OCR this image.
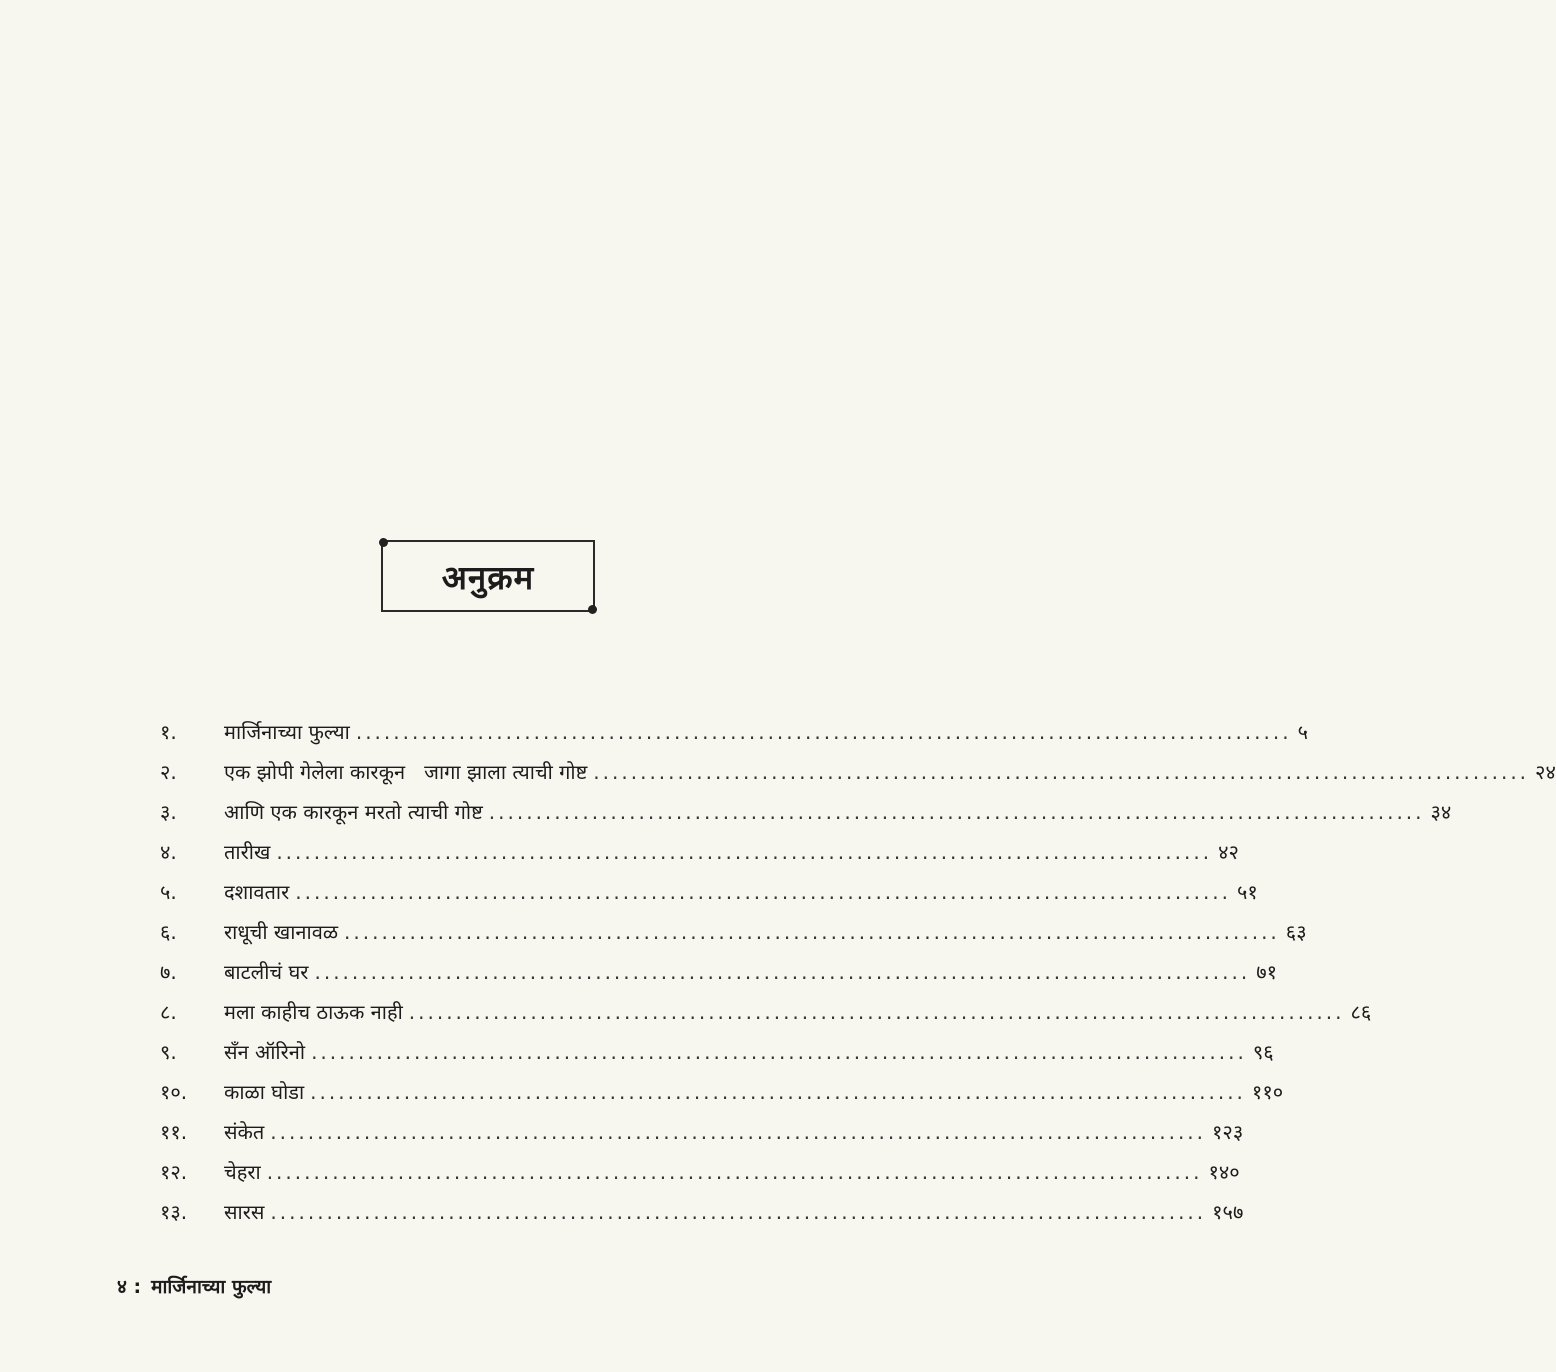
अनुक्रम
१.	मार्जिनाच्या फुल्या .................................................................................................... ५
२.	एक झोपी गेलेला कारकून   जागा झाला त्याची गोष्ट .................................................................................................... २४
३.	आणि एक कारकून मरतो त्याची गोष्ट .................................................................................................... ३४
४.	तारीख .................................................................................................... ४२
५.	दशावतार .................................................................................................... ५१
६.	राधूची खानावळ .................................................................................................... ६३
७.	बाटलीचं घर .................................................................................................... ७१
८.	मला काहीच ठाऊक नाही .................................................................................................... ८६
९.	सँन ऑरिनो .................................................................................................... ९६
१०.	काळा घोडा .................................................................................................... ११०
११.	संकेत .................................................................................................... १२३
१२.	चेहरा .................................................................................................... १४०
१३.	सारस .................................................................................................... १५७
४ : मार्जिनाच्या फुल्या
